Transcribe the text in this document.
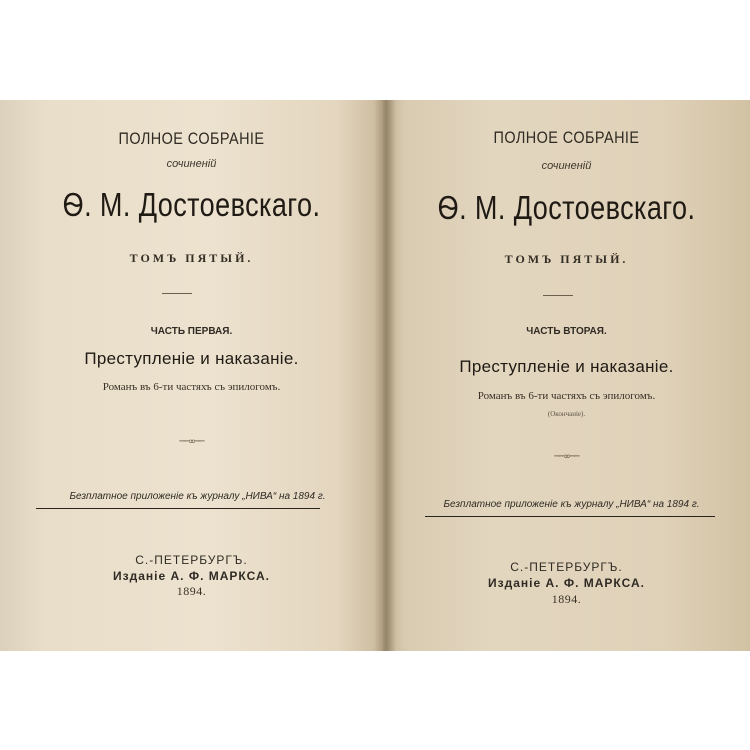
ПОЛНОЕ СОБРАНIЕ
сочиненiй
Ѳ. М. Достоевскаго.
ТОМЪ ПЯТЫЙ.
ЧАСТЬ ПЕРВАЯ.
Преступленіе и наказаніе.
Романъ въ 6-ти частяхъ съ эпилогомъ.
──∞──
Безплатное приложеніе къ журналу „НИВА“ на 1894 г.
С.-ПЕТЕРБУРГЪ.
Изданiе А. Ф. МАРКСА.
1894.
ПОЛНОЕ СОБРАНIЕ
сочиненiй
Ѳ. М. Достоевскаго.
ТОМЪ ПЯТЫЙ.
ЧАСТЬ ВТОРАЯ.
Преступленіе и наказаніе.
Романъ въ 6-ти частяхъ съ эпилогомъ.
(Окончаніе).
──∞──
Безплатное приложеніе къ журналу „НИВА“ на 1894 г.
С.-ПЕТЕРБУРГЪ.
Изданiе А. Ф. МАРКСА.
1894.
